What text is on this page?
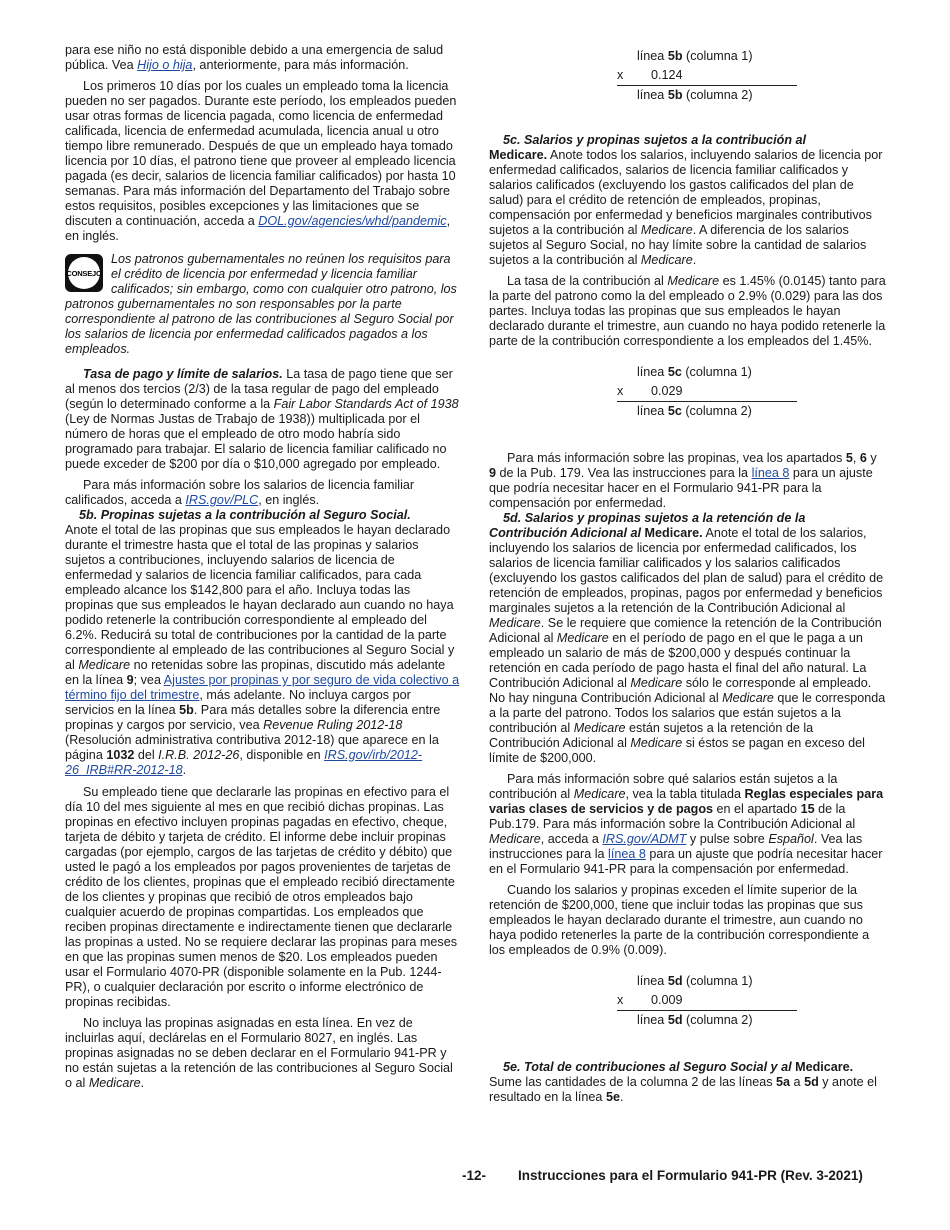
para ese niño no está disponible debido a una emergencia de salud pública. Vea Hijo o hija, anteriormente, para más información.

Los primeros 10 días por los cuales un empleado toma la licencia pueden no ser pagados. Durante este período, los empleados pueden usar otras formas de licencia pagada, como licencia de enfermedad calificada, licencia de enfermedad acumulada, licencia anual u otro tiempo libre remunerado. Después de que un empleado haya tomado licencia por 10 días, el patrono tiene que proveer al empleado licencia pagada (es decir, salarios de licencia familiar calificados) por hasta 10 semanas. Para más información del Departamento del Trabajo sobre estos requisitos, posibles excepciones y las limitaciones que se discuten a continuación, acceda a DOL.gov/agencies/whd/pandemic, en inglés.

CONSEJO
Los patronos gubernamentales no reúnen los requisitos para el crédito de licencia por enfermedad y licencia familiar calificados; sin embargo, como con cualquier otro patrono, los patronos gubernamentales no son responsables por la parte correspondiente al patrono de las contribuciones al Seguro Social por los salarios de licencia por enfermedad calificados pagados a los empleados.

Tasa de pago y límite de salarios. La tasa de pago tiene que ser al menos dos tercios (2/3) de la tasa regular de pago del empleado (según lo determinado conforme a la Fair Labor Standards Act of 1938 (Ley de Normas Justas de Trabajo de 1938)) multiplicada por el número de horas que el empleado de otro modo habría sido programado para trabajar. El salario de licencia familiar calificado no puede exceder de $200 por día o $10,000 agregado por empleado.

Para más información sobre los salarios de licencia familiar calificados, acceda a IRS.gov/PLC, en inglés.

5b. Propinas sujetas a la contribución al Seguro Social.
Anote el total de las propinas que sus empleados le hayan declarado durante el trimestre hasta que el total de las propinas y salarios sujetos a contribuciones, incluyendo salarios de licencia de enfermedad y salarios de licencia familiar calificados, para cada empleado alcance los $142,800 para el año. Incluya todas las propinas que sus empleados le hayan declarado aun cuando no haya podido retenerle la contribución correspondiente al empleado del 6.2%. Reducirá su total de contribuciones por la cantidad de la parte correspondiente al empleado de las contribuciones al Seguro Social y al Medicare no retenidas sobre las propinas, discutido más adelante en la línea 9; vea Ajustes por propinas y por seguro de vida colectivo a término fijo del trimestre, más adelante. No incluya cargos por servicios en la línea 5b. Para más detalles sobre la diferencia entre propinas y cargos por servicio, vea Revenue Ruling 2012-18 (Resolución administrativa contributiva 2012-18) que aparece en la página 1032 del I.R.B. 2012-26, disponible en IRS.gov/irb/2012-26_IRB#RR-2012-18.

Su empleado tiene que declararle las propinas en efectivo para el día 10 del mes siguiente al mes en que recibió dichas propinas. Las propinas en efectivo incluyen propinas pagadas en efectivo, cheque, tarjeta de débito y tarjeta de crédito. El informe debe incluir propinas cargadas (por ejemplo, cargos de las tarjetas de crédito y débito) que usted le pagó a los empleados por pagos provenientes de tarjetas de crédito de los clientes, propinas que el empleado recibió directamente de los clientes y propinas que recibió de otros empleados bajo cualquier acuerdo de propinas compartidas. Los empleados que reciben propinas directamente e indirectamente tienen que declararle las propinas a usted. No se requiere declarar las propinas para meses en que las propinas sumen menos de $20. Los empleados pueden usar el Formulario 4070-PR (disponible solamente en la Pub. 1244-PR), o cualquier declaración por escrito o informe electrónico de propinas recibidas.

No incluya las propinas asignadas en esta línea. En vez de incluirlas aquí, declárelas en el Formulario 8027, en inglés. Las propinas asignadas no se deben declarar en el Formulario 941-PR y no están sujetas a la retención de las contribuciones al Seguro Social o al Medicare.

línea 5b (columna 1)
x 0.124
línea 5b (columna 2)

5c. Salarios y propinas sujetos a la contribución al
Medicare. Anote todos los salarios, incluyendo salarios de licencia por enfermedad calificados, salarios de licencia familiar calificados y salarios calificados (excluyendo los gastos calificados del plan de salud) para el crédito de retención de empleados, propinas, compensación por enfermedad y beneficios marginales contributivos sujetos a la contribución al Medicare. A diferencia de los salarios sujetos al Seguro Social, no hay límite sobre la cantidad de salarios sujetos a la contribución al Medicare.

La tasa de la contribución al Medicare es 1.45% (0.0145) tanto para la parte del patrono como la del empleado o 2.9% (0.029) para las dos partes. Incluya todas las propinas que sus empleados le hayan declarado durante el trimestre, aun cuando no haya podido retenerle la parte de la contribución correspondiente a los empleados del 1.45%.

línea 5c (columna 1)
x 0.029
línea 5c (columna 2)

Para más información sobre las propinas, vea los apartados 5, 6 y 9 de la Pub. 179. Vea las instrucciones para la línea 8 para un ajuste que podría necesitar hacer en el Formulario 941-PR para la compensación por enfermedad.

5d. Salarios y propinas sujetos a la retención de la Contribución Adicional al Medicare. Anote el total de los salarios, incluyendo los salarios de licencia por enfermedad calificados, los salarios de licencia familiar calificados y los salarios calificados (excluyendo los gastos calificados del plan de salud) para el crédito de retención de empleados, propinas, pagos por enfermedad y beneficios marginales sujetos a la retención de la Contribución Adicional al Medicare. Se le requiere que comience la retención de la Contribución Adicional al Medicare en el período de pago en el que le paga a un empleado un salario de más de $200,000 y después continuar la retención en cada período de pago hasta el final del año natural. La Contribución Adicional al Medicare sólo le corresponde al empleado. No hay ninguna Contribución Adicional al Medicare que le corresponda a la parte del patrono. Todos los salarios que están sujetos a la contribución al Medicare están sujetos a la retención de la Contribución Adicional al Medicare si éstos se pagan en exceso del límite de $200,000.

Para más información sobre qué salarios están sujetos a la contribución al Medicare, vea la tabla titulada Reglas especiales para varias clases de servicios y de pagos en el apartado 15 de la Pub.179. Para más información sobre la Contribución Adicional al Medicare, acceda a IRS.gov/ADMT y pulse sobre Español. Vea las instrucciones para la línea 8 para un ajuste que podría necesitar hacer en el Formulario 941-PR para la compensación por enfermedad.

Cuando los salarios y propinas exceden el límite superior de la retención de $200,000, tiene que incluir todas las propinas que sus empleados le hayan declarado durante el trimestre, aun cuando no haya podido retenerles la parte de la contribución correspondiente a los empleados de 0.9% (0.009).

línea 5d (columna 1)
x 0.009
línea 5d (columna 2)

5e. Total de contribuciones al Seguro Social y al Medicare.
Sume las cantidades de la columna 2 de las líneas 5a a 5d y anote el resultado en la línea 5e.

-12- Instrucciones para el Formulario 941-PR (Rev. 3-2021)
